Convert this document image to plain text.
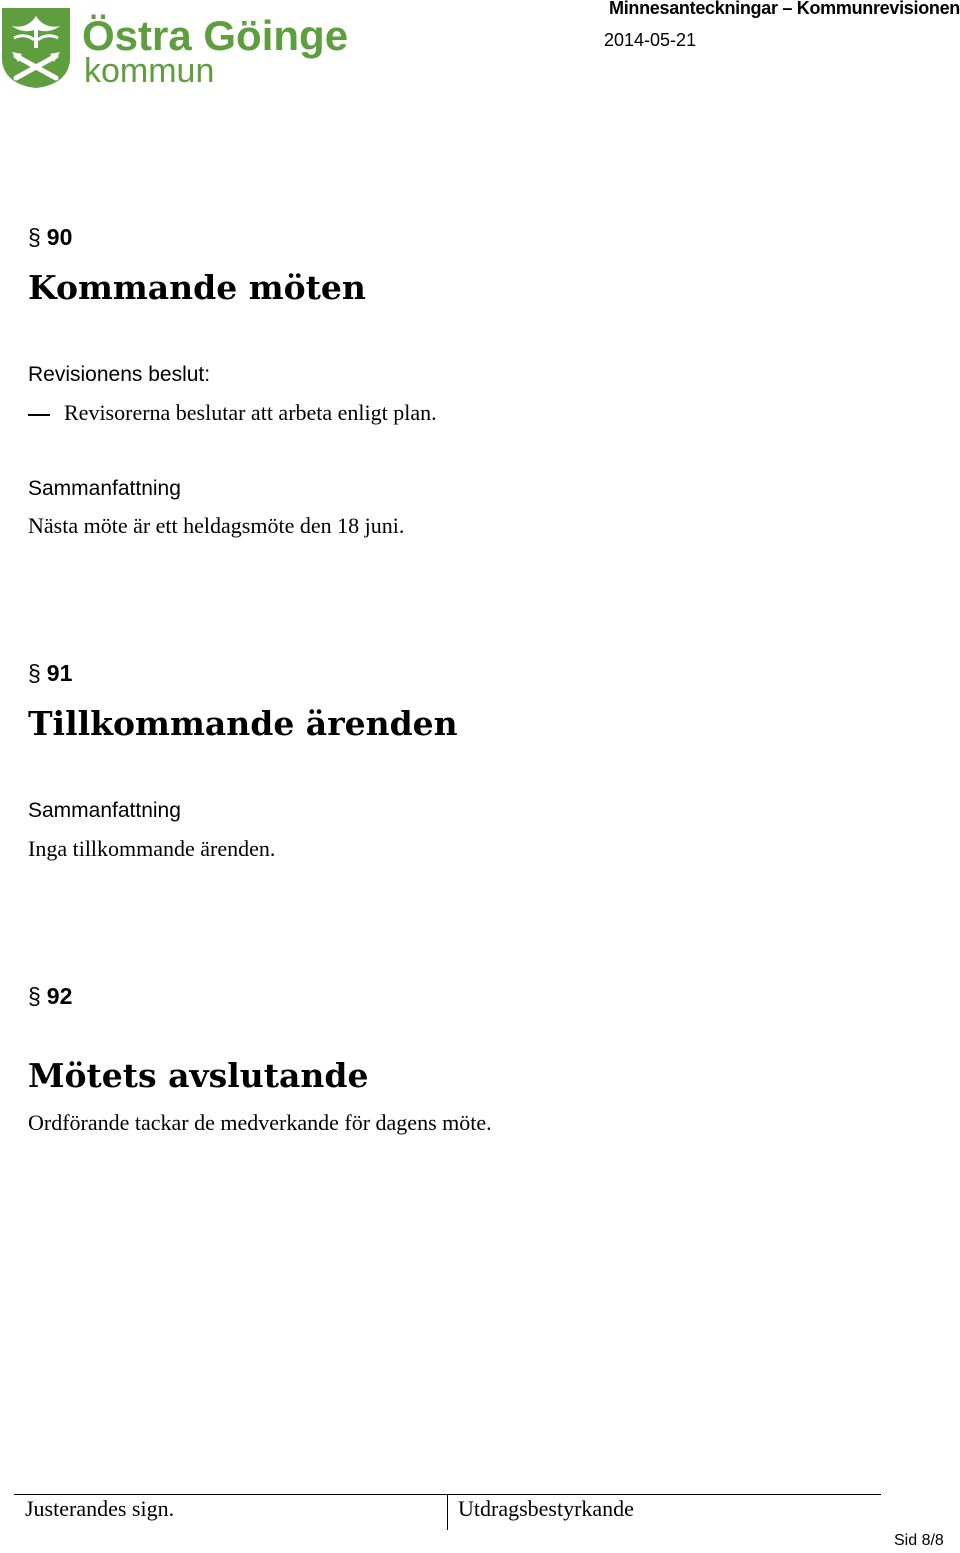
Östra Göinge
kommun
Minnesanteckningar – Kommunrevisionen
2014-05-21
§ 90
Kommande möten
Revisionens beslut:
Revisorerna beslutar att arbeta enligt plan.
Sammanfattning
Nästa möte är ett heldagsmöte den 18 juni.
§ 91
Tillkommande ärenden
Sammanfattning
Inga tillkommande ärenden.
§ 92
Mötets avslutande
Ordförande tackar de medverkande för dagens möte.
Justerandes sign.	Utdragsbestyrkande
Sid 8/8
